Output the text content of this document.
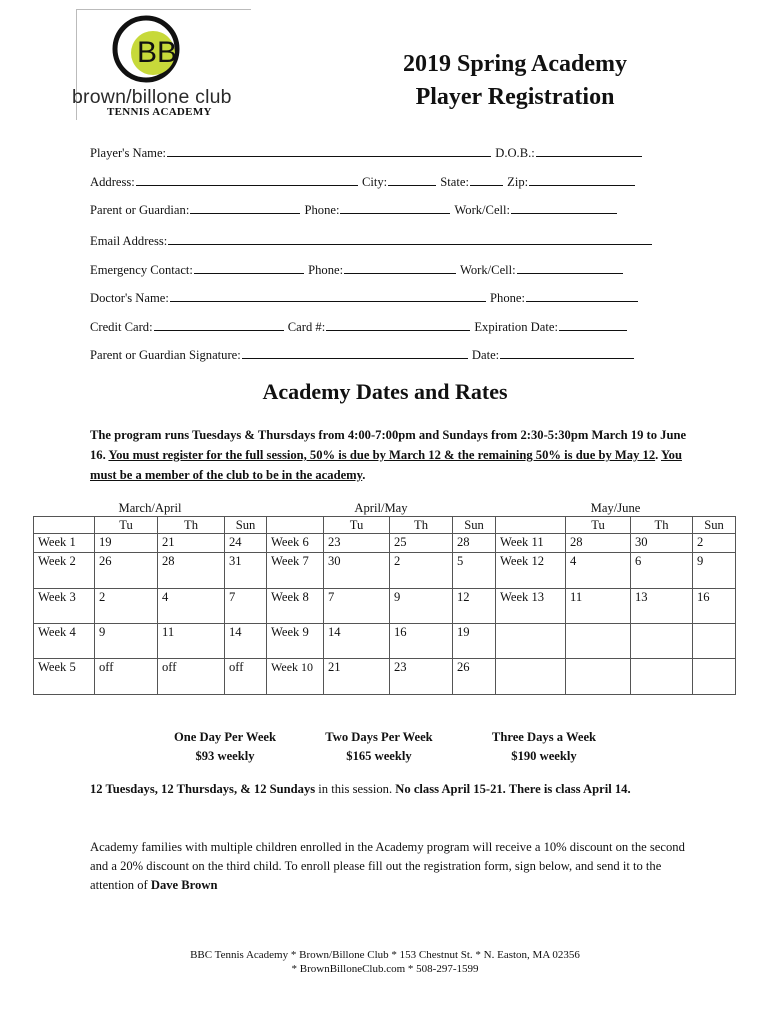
BB
brown/billone club
TENNIS ACADEMY
2019 Spring Academy
Player Registration
Player's Name:	D.O.B.:
Address:	City:	State:	Zip:
Parent or Guardian:	Phone:	Work/Cell:
Email Address:
Emergency Contact:	Phone:	Work/Cell:
Doctor's Name:	Phone:
Credit Card:	Card #:	Expiration Date:
Parent or Guardian Signature:	Date:
Academy Dates and Rates
The program runs Tuesdays & Thursdays from 4:00-7:00pm and Sundays from 2:30-5:30pm March 19 to June 16. You must register for the full session, 50% is due by March 12 & the remaining 50% is due by May 12. You must be a member of the club to be in the academy.
March/April				April/May				May/June			
	Tu	Th	Sun		Tu	Th	Sun		Tu	Th	Sun
Week 1	19	21	24	Week 6	23	25	28	Week 11	28	30	2
Week 2	26	28	31	Week 7	30	2	5	Week 12	4	6	9
Week 3	2	4	7	Week 8	7	9	12	Week 13	11	13	16
Week 4	9	11	14	Week 9	14	16	19				
Week 5	off	off	off	Week 10	21	23	26				
One Day Per Week
$93 weekly
Two Days Per Week
$165 weekly
Three Days a Week
$190 weekly
12 Tuesdays, 12 Thursdays, & 12 Sundays in this session. No class April 15-21. There is class April 14.
Academy families with multiple children enrolled in the Academy program will receive a 10% discount on the second and a 20% discount on the third child. To enroll please fill out the registration form, sign below, and send it to the attention of Dave Brown
BBC Tennis Academy * Brown/Billone Club * 153 Chestnut St. * N. Easton, MA 02356
* BrownBilloneClub.com * 508-297-1599
